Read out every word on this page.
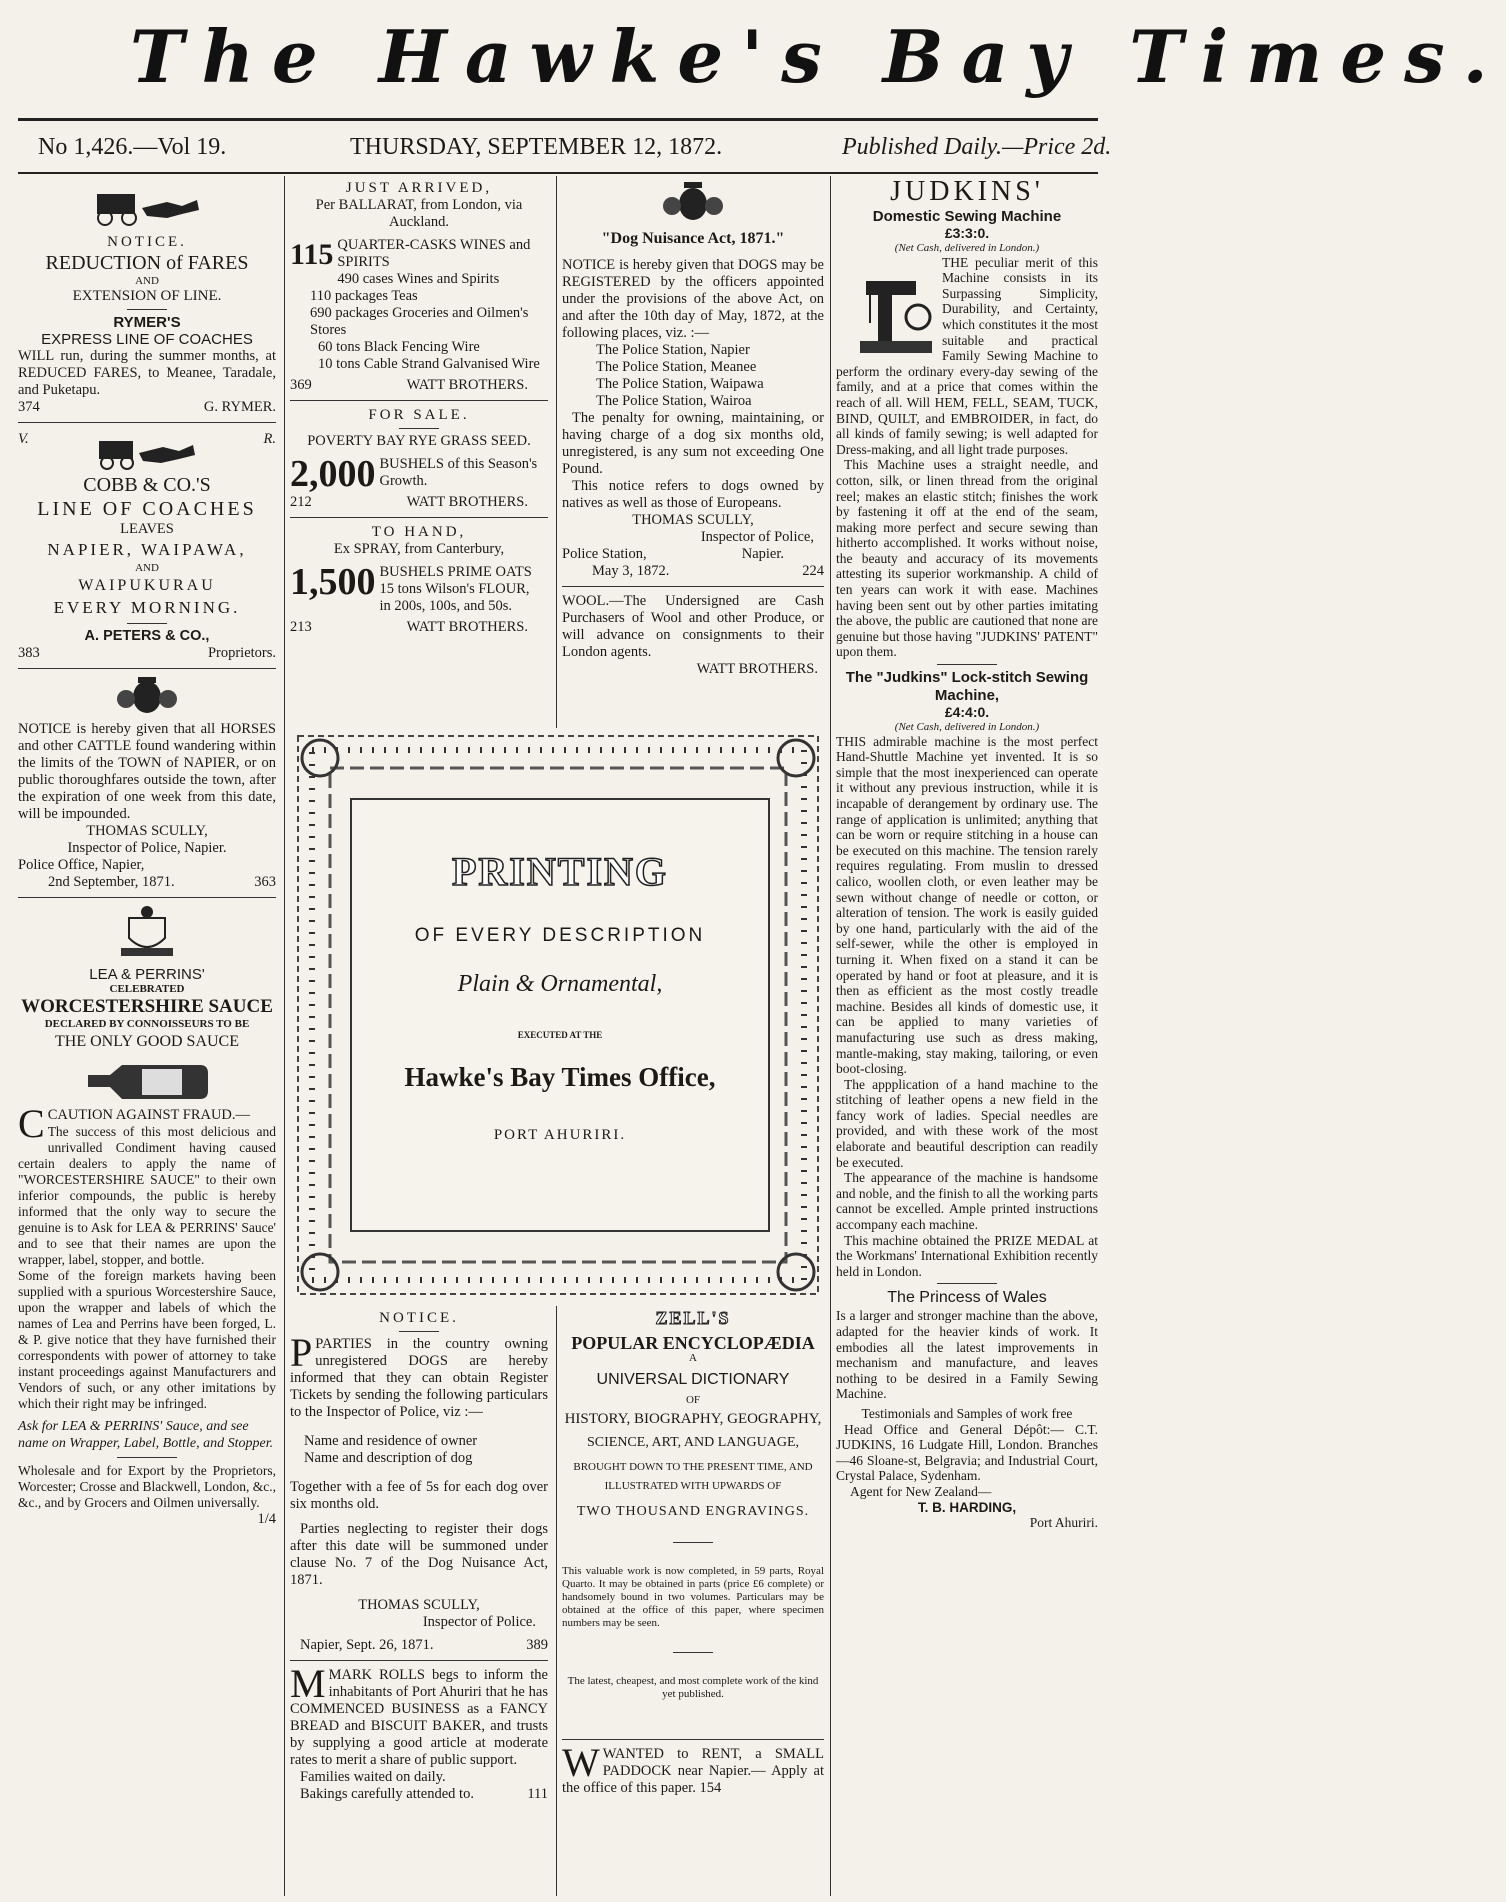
The Hawke's Bay Times.
No 1,426.—Vol 19.	THURSDAY, SEPTEMBER 12, 1872.	Published Daily.—Price 2d.
NOTICE.
REDUCTION of FARES
AND
EXTENSION OF LINE.
RYMER'S
EXPRESS LINE OF COACHES

WILL run, during the summer months, at REDUCED FARES, to Meanee, Taradale, and Puketapu.

374	G. RYMER.
V.	R.
COBB & CO.'S
LINE OF COACHES
LEAVES
NAPIER, WAIPAWA,
AND
WAIPUKURAU
EVERY MORNING.
A. PETERS & CO.,
383	Proprietors.

NOTICE is hereby given that all HORSES and other CATTLE found wandering within the limits of the TOWN of NAPIER, or on public thoroughfares outside the town, after the expiration of one week from this date, will be impounded.

THOMAS SCULLY,
Inspector of Police, Napier.
Police Office, Napier,
2nd September, 1871.	363
LEA & PERRINS'
CELEBRATED
WORCESTERSHIRE SAUCE
DECLARED BY CONNOISSEURS TO BE
THE ONLY GOOD SAUCE

CCAUTION AGAINST FRAUD.—

The success of this most delicious and unrivalled Condiment having caused certain dealers to apply the name of "WORCESTERSHIRE SAUCE" to their own inferior compounds, the public is hereby informed that the only way to secure the genuine is to Ask for LEA & PERRINS' Sauce' and to see that their names are upon the wrapper, label, stopper, and bottle.

Some of the foreign markets having been supplied with a spurious Worcestershire Sauce, upon the wrapper and labels of which the names of Lea and Perrins have been forged, L. & P. give notice that they have furnished their correspondents with power of attorney to take instant proceedings against Manufacturers and Vendors of such, or any other imitations by which their right may be infringed.

Ask for LEA & PERRINS' Sauce, and see name on Wrapper, Label, Bottle, and Stopper.

Wholesale and for Export by the Proprietors, Worcester; Crosse and Blackwell, London, &c., &c., and by Grocers and Oilmen universally.

1/4
JUST ARRIVED,
Per BALLARAT, from London, via Auckland.
115 QUARTER-CASKS WINES and SPIRITS
490 cases Wines and Spirits
110 packages Teas
690 packages Groceries and Oilmen's Stores
60 tons Black Fencing Wire
10 tons Cable Strand Galvanised Wire
369	WATT BROTHERS.
FOR SALE.
POVERTY BAY RYE GRASS SEED.
2,000 BUSHELS of this Season's Growth.
212	WATT BROTHERS.
TO HAND,
Ex SPRAY, from Canterbury,
1,500 BUSHELS PRIME OATS
15 tons Wilson's FLOUR,
in 200s, 100s, and 50s.
213	WATT BROTHERS.
"Dog Nuisance Act, 1871."

NOTICE is hereby given that DOGS may be REGISTERED by the officers appointed under the provisions of the above Act, on and after the 10th day of May, 1872, at the following places, viz. :—

The Police Station, Napier
The Police Station, Meanee
The Police Station, Waipawa
The Police Station, Wairoa

The penalty for owning, maintaining, or having charge of a dog six months old, unregistered, is any sum not exceeding One Pound.

This notice refers to dogs owned by natives as well as those of Europeans.

THOMAS SCULLY,
Inspector of Police,
Police Station,	Napier.
May 3, 1872.	224

WOOL.—The Undersigned are Cash Purchasers of Wool and other Produce, or will advance on consignments to their London agents.

WATT BROTHERS.
PRINTING
OF EVERY DESCRIPTION
Plain & Ornamental,
EXECUTED AT THE
Hawke's Bay Times Office,
PORT AHURIRI.
NOTICE.

PPARTIES in the country owning unregistered DOGS are hereby informed that they can obtain Register Tickets by sending the following particulars to the Inspector of Police, viz :—

Name and residence of owner
Name and description of dog

Together with a fee of 5s for each dog over six months old.

Parties neglecting to register their dogs after this date will be summoned under clause No. 7 of the Dog Nuisance Act, 1871.

THOMAS SCULLY,
Inspector of Police.
Napier, Sept. 26, 1871.	389

MMARK ROLLS begs to inform the inhabitants of Port Ahuriri that he has COMMENCED BUSINESS as a FANCY BREAD and BISCUIT BAKER, and trusts by supplying a good article at moderate rates to merit a share of public support.

Families waited on daily.
Bakings carefully attended to.	111
ZELL'S
POPULAR ENCYCLOPÆDIA
A
UNIVERSAL DICTIONARY
OF
HISTORY, BIOGRAPHY, GEOGRAPHY,
SCIENCE, ART, AND LANGUAGE,
BROUGHT DOWN TO THE PRESENT TIME, AND
ILLUSTRATED WITH UPWARDS OF
TWO THOUSAND ENGRAVINGS.

This valuable work is now completed, in 59 parts, Royal Quarto. It may be obtained in parts (price £6 complete) or handsomely bound in two volumes. Particulars may be obtained at the office of this paper, where specimen numbers may be seen.

The latest, cheapest, and most complete work of the kind yet published.

WWANTED to RENT, a SMALL PADDOCK near Napier.— Apply at the office of this paper. 154

JUDKINS'
Domestic Sewing Machine
£3:3:0.
(Net Cash, delivered in London.)

THE peculiar merit of this Machine consists in its Surpassing Simplicity, Durability, and Certainty, which constitutes it the most suitable and practical Family Sewing Machine to perform the ordinary every-day sewing of the family, and at a price that comes within the reach of all. Will HEM, FELL, SEAM, TUCK, BIND, QUILT, and EMBROIDER, in fact, do all kinds of family sewing; is well adapted for Dress-making, and all light trade purposes.

This Machine uses a straight needle, and cotton, silk, or linen thread from the original reel; makes an elastic stitch; finishes the work by fastening it off at the end of the seam, making more perfect and secure sewing than hitherto accomplished. It works without noise, the beauty and accuracy of its movements attesting its superior workmanship. A child of ten years can work it with ease. Machines having been sent out by other parties imitating the above, the public are cautioned that none are genuine but those having "JUDKINS' PATENT" upon them.

The "Judkins" Lock-stitch Sewing Machine,
£4:4:0.
(Net Cash, delivered in London.)

THIS admirable machine is the most perfect Hand-Shuttle Machine yet invented. It is so simple that the most inexperienced can operate it without any previous instruction, while it is incapable of derangement by ordinary use. The range of application is unlimited; anything that can be worn or require stitching in a house can be executed on this machine. The tension rarely requires regulating. From muslin to dressed calico, woollen cloth, or even leather may be sewn without change of needle or cotton, or alteration of tension. The work is easily guided by one hand, particularly with the aid of the self-sewer, while the other is employed in turning it. When fixed on a stand it can be operated by hand or foot at pleasure, and it is then as efficient as the most costly treadle machine. Besides all kinds of domestic use, it can be applied to many varieties of manufacturing use such as dress making, mantle-making, stay making, tailoring, or even boot-closing.

The appplication of a hand machine to the stitching of leather opens a new field in the fancy work of ladies. Special needles are provided, and with these work of the most elaborate and beautiful description can readily be executed.

The appearance of the machine is handsome and noble, and the finish to all the working parts cannot be excelled. Ample printed instructions accompany each machine.

This machine obtained the PRIZE MEDAL at the Workmans' International Exhibition recently held in London.

The Princess of Wales

Is a larger and stronger machine than the above, adapted for the heavier kinds of work. It embodies all the latest improvements in mechanism and manufacture, and leaves nothing to be desired in a Family Sewing Machine.

Testimonials and Samples of work free

Head Office and General Dépôt:— C.T. JUDKINS, 16 Ludgate Hill, London. Branches—46 Sloane-st, Belgravia; and Industrial Court, Crystal Palace, Sydenham.

Agent for New Zealand—
T. B. HARDING,
Port Ahuriri.
